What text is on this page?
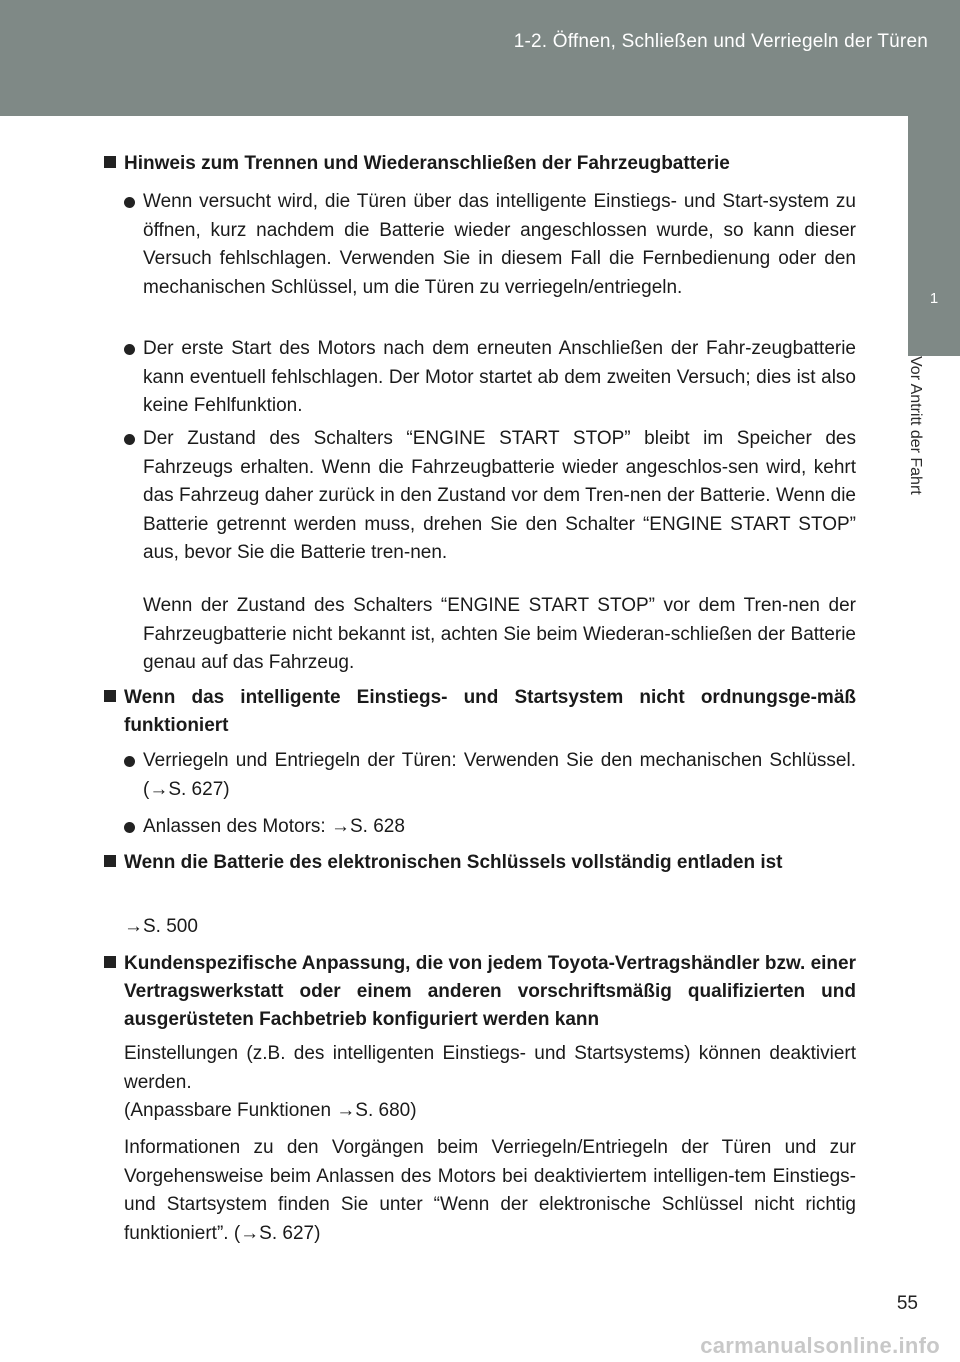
1-2. Öffnen, Schließen und Verriegeln der Türen
1
Vor Antritt der Fahrt
Hinweis zum Trennen und Wiederanschließen der Fahrzeugbatterie
Wenn versucht wird, die Türen über das intelligente Einstiegs- und Start-system zu öffnen, kurz nachdem die Batterie wieder angeschlossen wurde, so kann dieser Versuch fehlschlagen. Verwenden Sie in diesem Fall die Fernbedienung oder den mechanischen Schlüssel, um die Türen zu verriegeln/entriegeln.
Der erste Start des Motors nach dem erneuten Anschließen der Fahr-zeugbatterie kann eventuell fehlschlagen. Der Motor startet ab dem zweiten Versuch; dies ist also keine Fehlfunktion.
Der Zustand des Schalters “ENGINE START STOP” bleibt im Speicher des Fahrzeugs erhalten. Wenn die Fahrzeugbatterie wieder angeschlos-sen wird, kehrt das Fahrzeug daher zurück in den Zustand vor dem Tren-nen der Batterie. Wenn die Batterie getrennt werden muss, drehen Sie den Schalter “ENGINE START STOP” aus, bevor Sie die Batterie tren-nen.
Wenn der Zustand des Schalters “ENGINE START STOP” vor dem Tren-nen der Fahrzeugbatterie nicht bekannt ist, achten Sie beim Wiederan-schließen der Batterie genau auf das Fahrzeug.
Wenn das intelligente Einstiegs- und Startsystem nicht ordnungsge-mäß funktioniert
Verriegeln und Entriegeln der Türen: Verwenden Sie den mechanischen Schlüssel. (→S. 627)
Anlassen des Motors: →S. 628
Wenn die Batterie des elektronischen Schlüssels vollständig entladen ist
→S. 500
Kundenspezifische Anpassung, die von jedem Toyota-Vertragshändler bzw. einer Vertragswerkstatt oder einem anderen vorschriftsmäßig qualifizierten und ausgerüsteten Fachbetrieb konfiguriert werden kann
Einstellungen (z.B. des intelligenten Einstiegs- und Startsystems) können deaktiviert werden.
(Anpassbare Funktionen →S. 680)
Informationen zu den Vorgängen beim Verriegeln/Entriegeln der Türen und zur Vorgehensweise beim Anlassen des Motors bei deaktiviertem intelligen-tem Einstiegs- und Startsystem finden Sie unter “Wenn der elektronische Schlüssel nicht richtig funktioniert”. (→S. 627)
55
carmanualsonline.info
